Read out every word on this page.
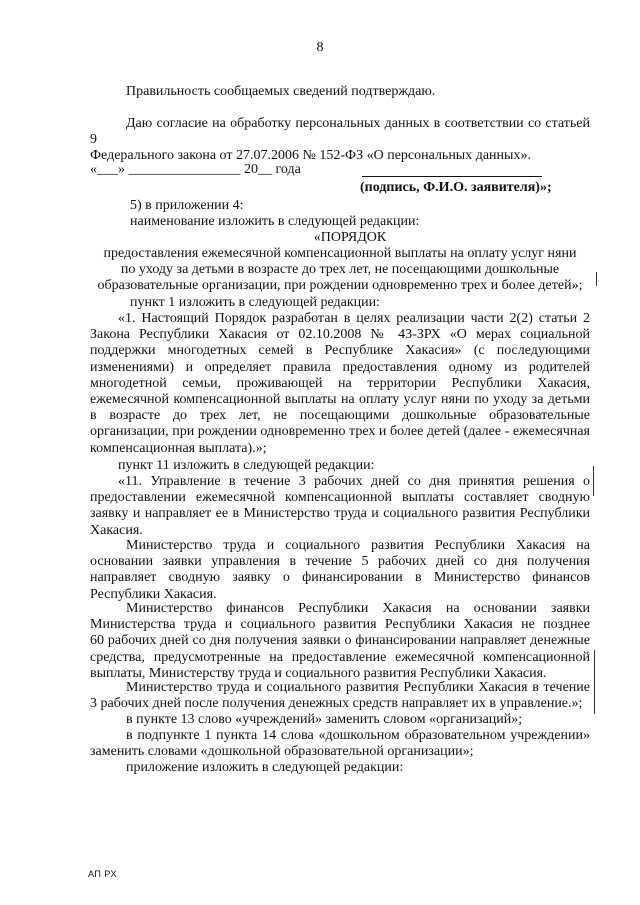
8
Правильность сообщаемых сведений подтверждаю.
Даю согласие на обработку персональных данных в соответствии со статьей 9
Федерального закона от 27.07.2006 № 152-ФЗ «О персональных данных».
«___» ________________ 20__ года
(подпись, Ф.И.О. заявителя)»;
5) в приложении 4:
наименование изложить в следующей редакции:
«ПОРЯДОК
предоставления ежемесячной компенсационной выплаты на оплату услуг няни
по уходу за детьми в возрасте до трех лет, не посещающими дошкольные
образовательные организации, при рождении одновременно трех и более детей»;
пункт 1 изложить в следующей редакции:
«1. Настоящий Порядок разработан в целях реализации части 2(2) статьи 2
Закона Республики Хакасия от 02.10.2008 № 43-ЗРХ «О мерах социальной
поддержки многодетных семей в Республике Хакасия» (с последующими
изменениями) и определяет правила предоставления одному из родителей
многодетной семьи, проживающей на территории Республики Хакасия,
ежемесячной компенсационной выплаты на оплату услуг няни по уходу за детьми
в возрасте до трех лет, не посещающими дошкольные образовательные
организации, при рождении одновременно трех и более детей (далее - ежемесячная
компенсационная выплата).»;
пункт 11 изложить в следующей редакции:
«11. Управление в течение 3 рабочих дней со дня принятия решения о
предоставлении ежемесячной компенсационной выплаты составляет сводную
заявку и направляет ее в Министерство труда и социального развития Республики
Хакасия.
Министерство труда и социального развития Республики Хакасия на
основании заявки управления в течение 5 рабочих дней со дня получения
направляет сводную заявку о финансировании в Министерство финансов
Республики Хакасия.
Министерство финансов Республики Хакасия на основании заявки
Министерства труда и социального развития Республики Хакасия не позднее
60 рабочих дней со дня получения заявки о финансировании направляет денежные
средства, предусмотренные на предоставление ежемесячной компенсационной
выплаты, Министерству труда и социального развития Республики Хакасия.
Министерство труда и социального развития Республики Хакасия в течение
3 рабочих дней после получения денежных средств направляет их в управление.»;
в пункте 13 слово «учреждений» заменить словом «организаций»;
в подпункте 1 пункта 14 слова «дошкольном образовательном учреждении»
заменить словами «дошкольной образовательной организации»;
приложение изложить в следующей редакции:
АП РХ
